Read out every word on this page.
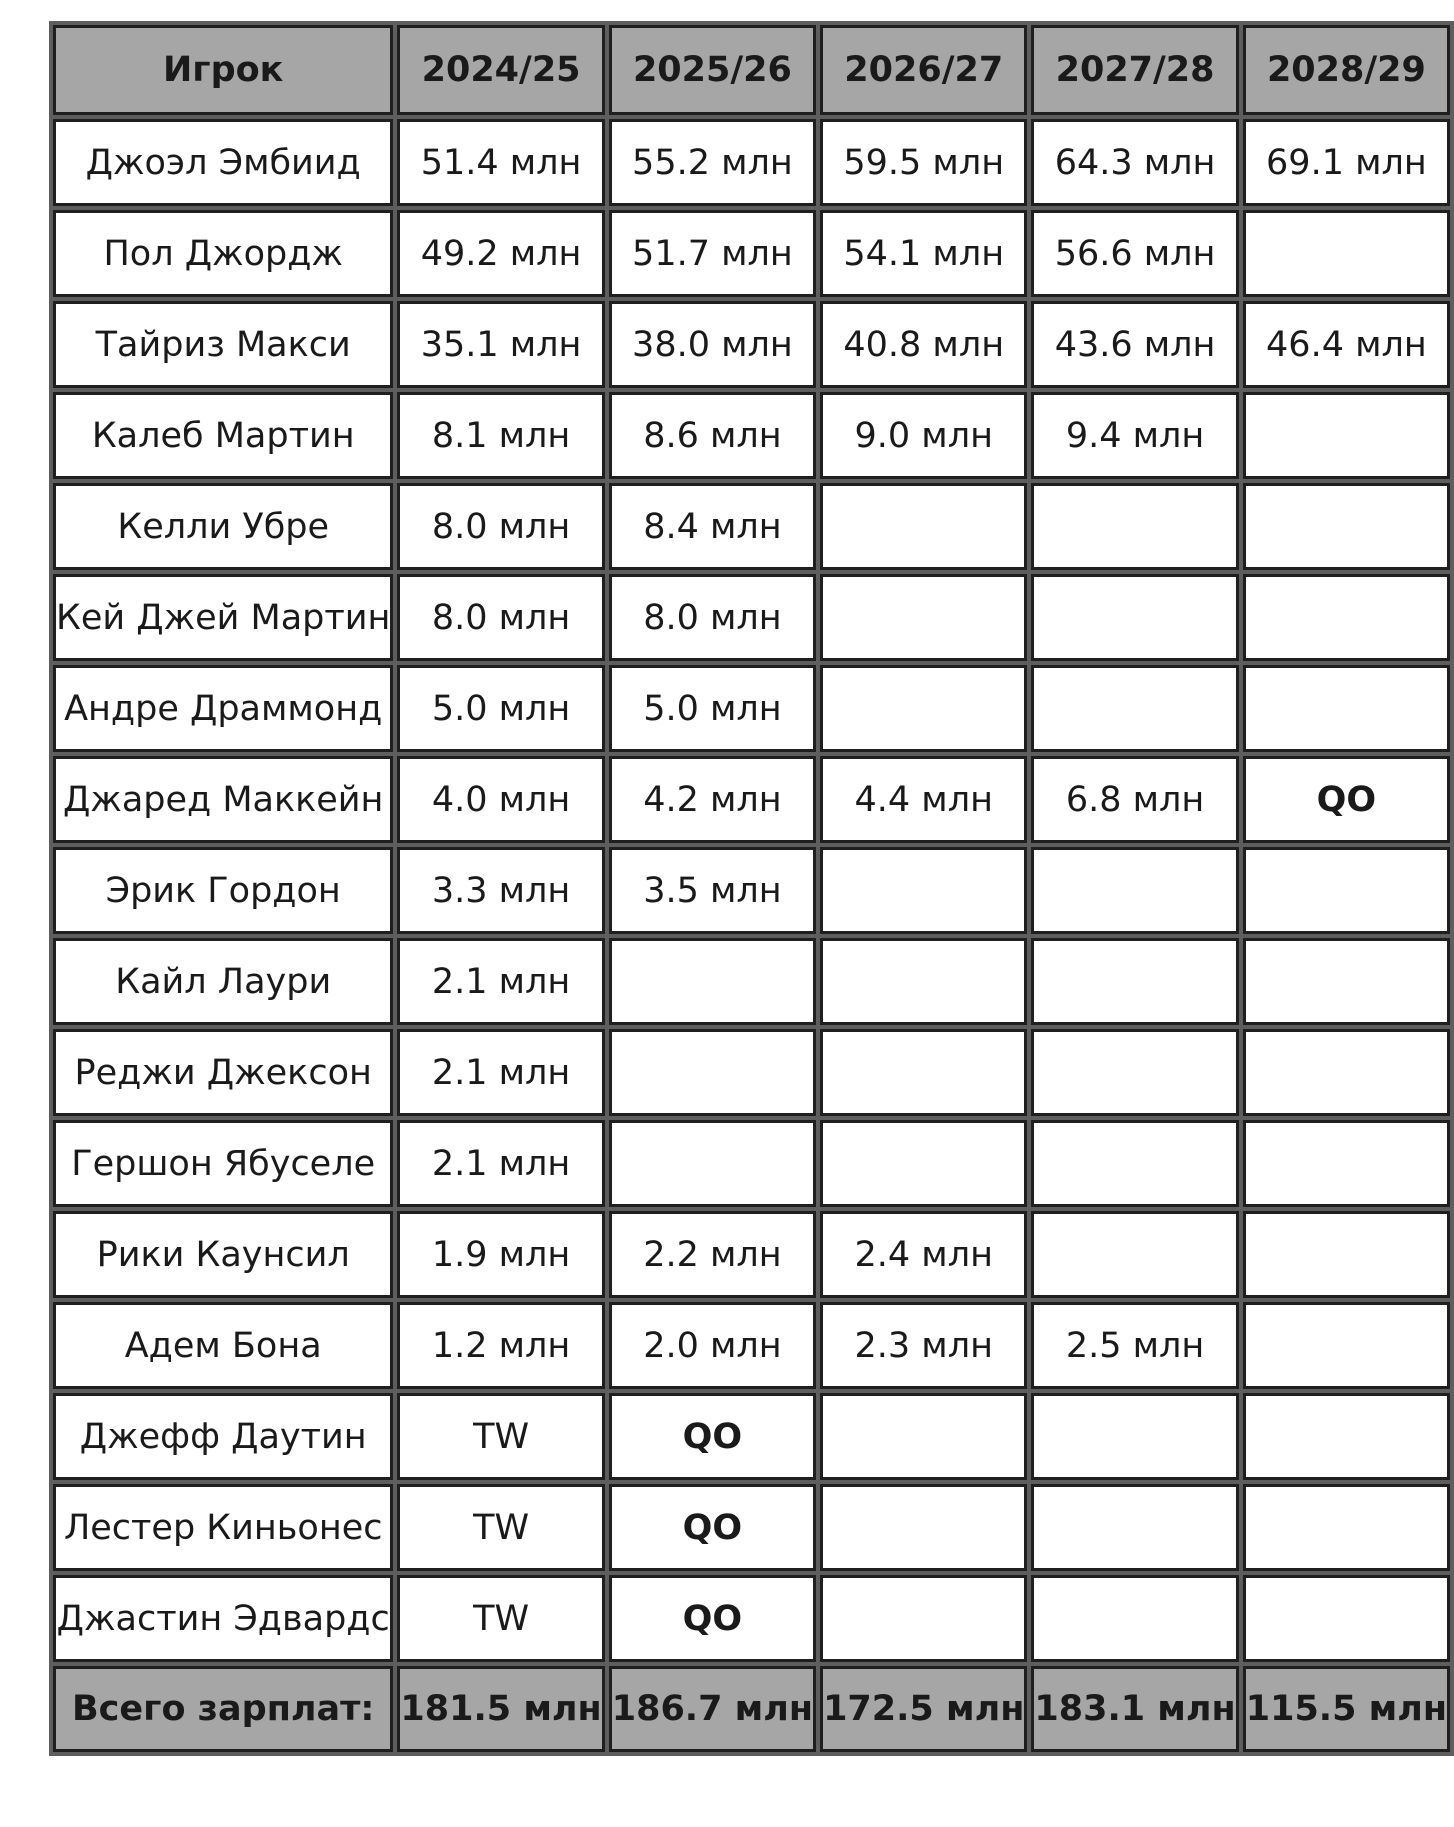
Игрок	2024/25	2025/26	2026/27	2027/28	2028/29
Джоэл Эмбиид	51.4 млн	55.2 млн	59.5 млн	64.3 млн	69.1 млн
Пол Джордж	49.2 млн	51.7 млн	54.1 млн	56.6 млн	
Тайриз Макси	35.1 млн	38.0 млн	40.8 млн	43.6 млн	46.4 млн
Калеб Мартин	8.1 млн	8.6 млн	9.0 млн	9.4 млн	
Келли Убре	8.0 млн	8.4 млн			
Кей Джей Мартин	8.0 млн	8.0 млн			
Андре Драммонд	5.0 млн	5.0 млн			
Джаред Маккейн	4.0 млн	4.2 млн	4.4 млн	6.8 млн	QO
Эрик Гордон	3.3 млн	3.5 млн			
Кайл Лаури	2.1 млн				
Реджи Джексон	2.1 млн				
Гершон Ябуселе	2.1 млн				
Рики Каунсил	1.9 млн	2.2 млн	2.4 млн		
Адем Бона	1.2 млн	2.0 млн	2.3 млн	2.5 млн	
Джефф Даутин	TW	QO			
Лестер Киньонес	TW	QO			
Джастин Эдвардс	TW	QO			
Всего зарплат:	181.5 млн	186.7 млн	172.5 млн	183.1 млн	115.5 млн
